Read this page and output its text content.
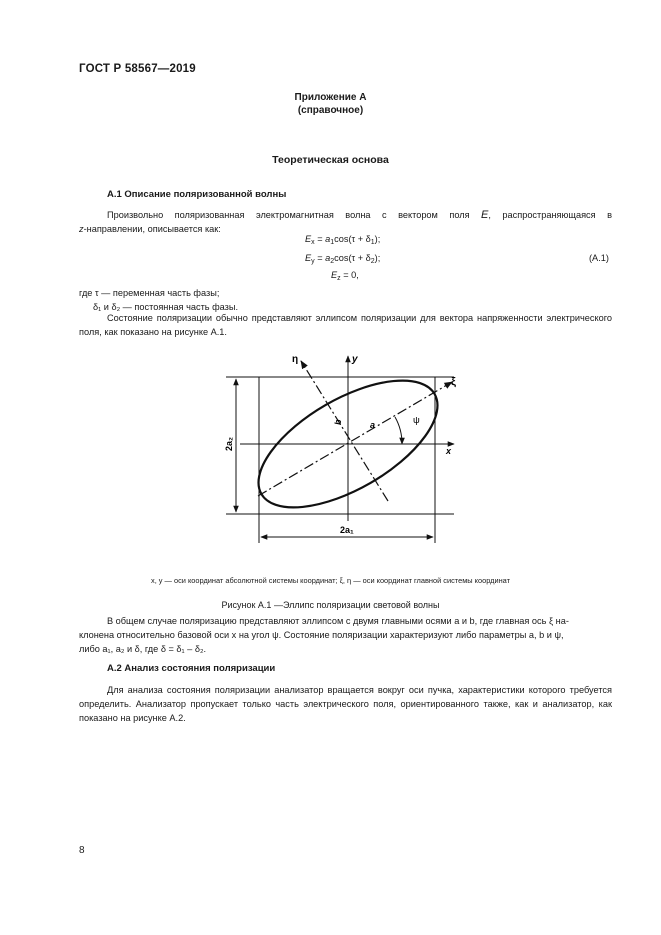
ГОСТ Р 58567—2019
Приложение А
(справочное)
Теоретическая основа
А.1 Описание поляризованной волны
Произвольно поляризованная электромагнитная волна с вектором поля E, распространяющаяся в
z-направлении, описывается как:
$E_x = a_1\cos(\tau + \delta_1)$;
$E_y = a_2\cos(\tau + \delta_2)$;	(А.1)
$E_z = 0$,
где τ — переменная часть фазы;
δ₁ и δ₂ — постоянная часть фазы.

Состояние поляризации обычно представляют эллипсом поляризации для вектора напряженности электрического поля, как показано на рисунке А.1.

η	y
ξ
x
a
b	ψ
2a₂
2a₁
x, y — оси координат абсолютной системы координат; ξ, η — оси координат главной системы координат
Рисунок А.1 —Эллипс поляризации световой волны
В общем случае поляризацию представляют эллипсом с двумя главными осями a и b, где главная ось ξ на-
клонена относительно базовой оси x на угол ψ. Состояние поляризации характеризуют либо параметры a, b и ψ,
либо a₁, a₂ и δ, где δ = δ₁ – δ₂.
А.2 Анализ состояния поляризации

Для анализа состояния поляризации анализатор вращается вокруг оси пучка, характеристики которого требуется определить. Анализатор пропускает только часть электрического поля, ориентированного также, как и анализатор, как показано на рисунке А.2.

8
